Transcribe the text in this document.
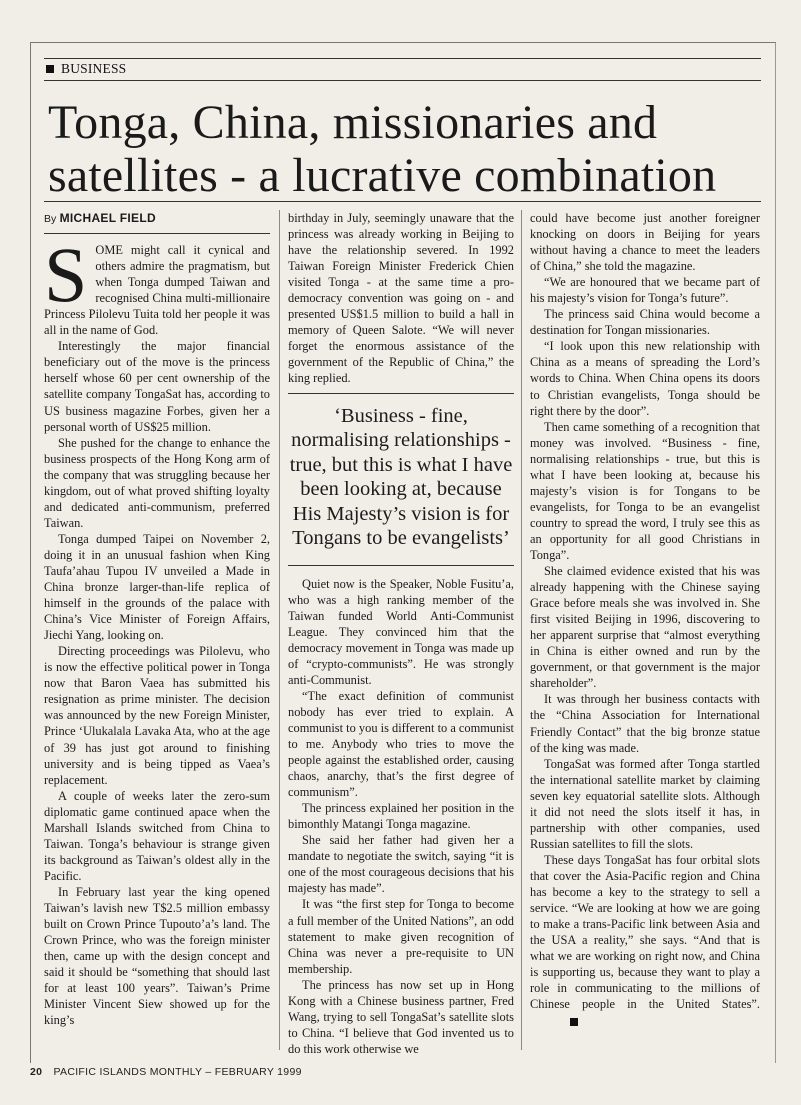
BUSINESS
Tonga, China, missionaries and satellites - a lucrative combination
By MICHAEL FIELD

SOME might call it cynical and others admire the pragmatism, but when Tonga dumped Taiwan and recognised China multi-millionaire Princess Pilolevu Tuita told her people it was all in the name of God.

Interestingly the major financial beneficiary out of the move is the princess herself whose 60 per cent ownership of the satellite company TongaSat has, according to US business magazine Forbes, given her a personal worth of US$25 million.

She pushed for the change to enhance the business prospects of the Hong Kong arm of the company that was struggling because her kingdom, out of what proved shifting loyalty and dedicated anti-communism, preferred Taiwan.

Tonga dumped Taipei on November 2, doing it in an unusual fashion when King Taufa’ahau Tupou IV unveiled a Made in China bronze larger-than-life replica of himself in the grounds of the palace with China’s Vice Minister of Foreign Affairs, Jiechi Yang, looking on.

Directing proceedings was Pilolevu, who is now the effective political power in Tonga now that Baron Vaea has submitted his resignation as prime minister. The decision was announced by the new Foreign Minister, Prince ‘Ulukalala Lavaka Ata, who at the age of 39 has just got around to finishing university and is being tipped as Vaea’s replacement.

A couple of weeks later the zero-sum diplomatic game continued apace when the Marshall Islands switched from China to Taiwan. Tonga’s behaviour is strange given its background as Taiwan’s oldest ally in the Pacific.

In February last year the king opened Taiwan’s lavish new T$2.5 million embassy built on Crown Prince Tupouto’a’s land. The Crown Prince, who was the foreign minister then, came up with the design concept and said it should be “something that should last for at least 100 years”. Taiwan’s Prime Minister Vincent Siew showed up for the king’s

birthday in July, seemingly unaware that the princess was already working in Beijing to have the relationship severed. In 1992 Taiwan Foreign Minister Frederick Chien visited Tonga - at the same time a pro-democracy convention was going on - and presented US$1.5 million to build a hall in memory of Queen Salote. “We will never forget the enormous assistance of the government of the Republic of China,” the king replied.

‘Business - fine, normalising relationships - true, but this is what I have been looking at, because His Majesty’s vision is for Tongans to be evangelists’

Quiet now is the Speaker, Noble Fusitu’a, who was a high ranking member of the Taiwan funded World Anti-Communist League. They convinced him that the democracy movement in Tonga was made up of “crypto-communists”. He was strongly anti-Communist.

“The exact definition of communist nobody has ever tried to explain. A communist to you is different to a communist to me. Anybody who tries to move the people against the established order, causing chaos, anarchy, that’s the first degree of communism”.

The princess explained her position in the bimonthly Matangi Tonga magazine.

She said her father had given her a mandate to negotiate the switch, saying “it is one of the most courageous decisions that his majesty has made”.

It was “the first step for Tonga to become a full member of the United Nations”, an odd statement to make given recognition of China was never a pre-requisite to UN membership.

The princess has now set up in Hong Kong with a Chinese business partner, Fred Wang, trying to sell TongaSat’s satellite slots to China. “I believe that God invented us to do this work otherwise we

could have become just another foreigner knocking on doors in Beijing for years without having a chance to meet the leaders of China,” she told the magazine.

“We are honoured that we became part of his majesty’s vision for Tonga’s future”.

The princess said China would become a destination for Tongan missionaries.

“I look upon this new relationship with China as a means of spreading the Lord’s words to China. When China opens its doors to Christian evangelists, Tonga should be right there by the door”.

Then came something of a recognition that money was involved. “Business - fine, normalising relationships - true, but this is what I have been looking at, because his majesty’s vision is for Tongans to be evangelists, for Tonga to be an evangelist country to spread the word, I truly see this as an opportunity for all good Christians in Tonga”.

She claimed evidence existed that his was already happening with the Chinese saying Grace before meals she was involved in. She first visited Beijing in 1996, discovering to her apparent surprise that “almost everything in China is either owned and run by the government, or that government is the major shareholder”.

It was through her business contacts with the “China Association for International Friendly Contact” that the big bronze statue of the king was made.

TongaSat was formed after Tonga startled the international satellite market by claiming seven key equatorial satellite slots. Although it did not need the slots itself it has, in partnership with other companies, used Russian satellites to fill the slots.

These days TongaSat has four orbital slots that cover the Asia-Pacific region and China has become a key to the strategy to sell a service. “We are looking at how we are going to make a trans-Pacific link between Asia and the USA a reality,” she says. “And that is what we are working on right now, and China is supporting us, because they want to play a role in communicating to the millions of Chinese people in the United States”.

20 PACIFIC ISLANDS MONTHLY – FEBRUARY 1999
